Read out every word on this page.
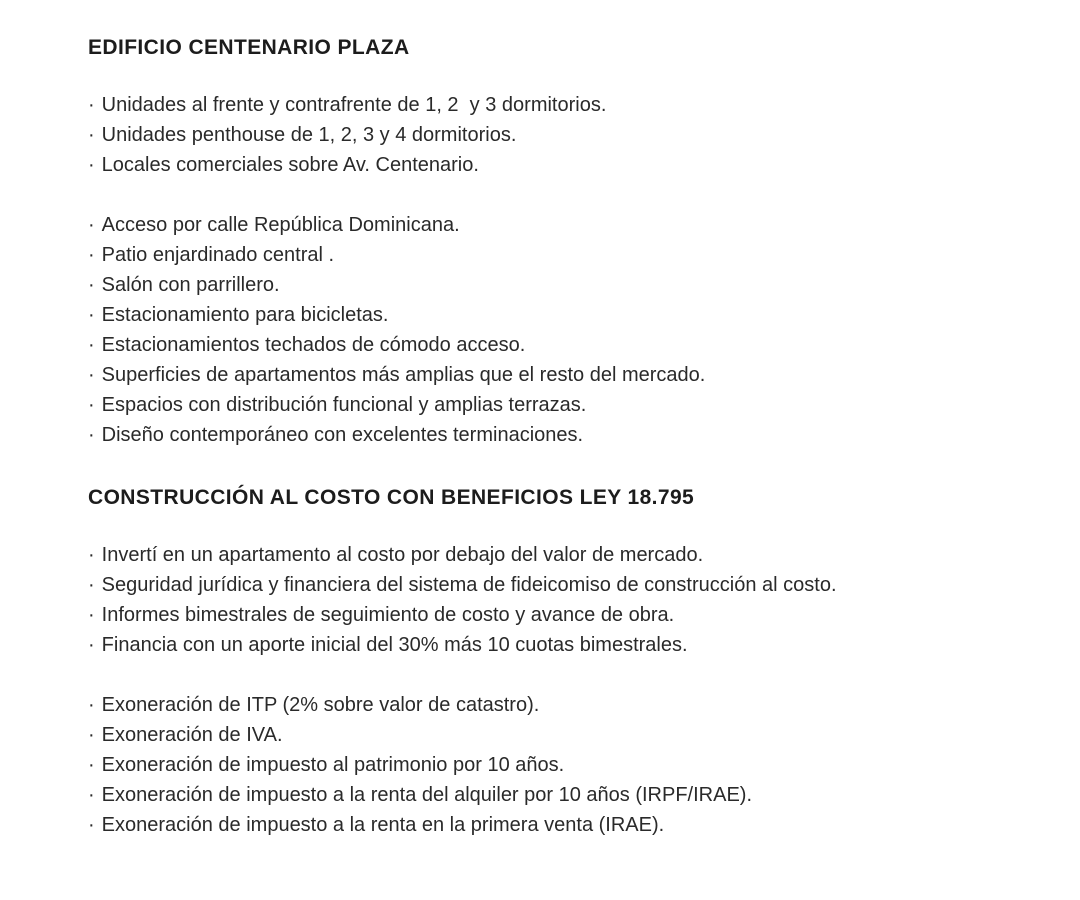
EDIFICIO CENTENARIO PLAZA

· Unidades al frente y contrafrente de 1, 2  y 3 dormitorios.

· Unidades penthouse de 1, 2, 3 y 4 dormitorios.

· Locales comerciales sobre Av. Centenario.

· Acceso por calle República Dominicana.

· Patio enjardinado central .

· Salón con parrillero.

· Estacionamiento para bicicletas.

· Estacionamientos techados de cómodo acceso.

· Superficies de apartamentos más amplias que el resto del mercado.

· Espacios con distribución funcional y amplias terrazas.

· Diseño contemporáneo con excelentes terminaciones.

CONSTRUCCIÓN AL COSTO CON BENEFICIOS LEY 18.795

· Invertí en un apartamento al costo por debajo del valor de mercado.

· Seguridad jurídica y financiera del sistema de fideicomiso de construcción al costo.

· Informes bimestrales de seguimiento de costo y avance de obra.

· Financia con un aporte inicial del 30% más 10 cuotas bimestrales.

· Exoneración de ITP (2% sobre valor de catastro).

· Exoneración de IVA.

· Exoneración de impuesto al patrimonio por 10 años.

· Exoneración de impuesto a la renta del alquiler por 10 años (IRPF/IRAE).

· Exoneración de impuesto a la renta en la primera venta (IRAE).
